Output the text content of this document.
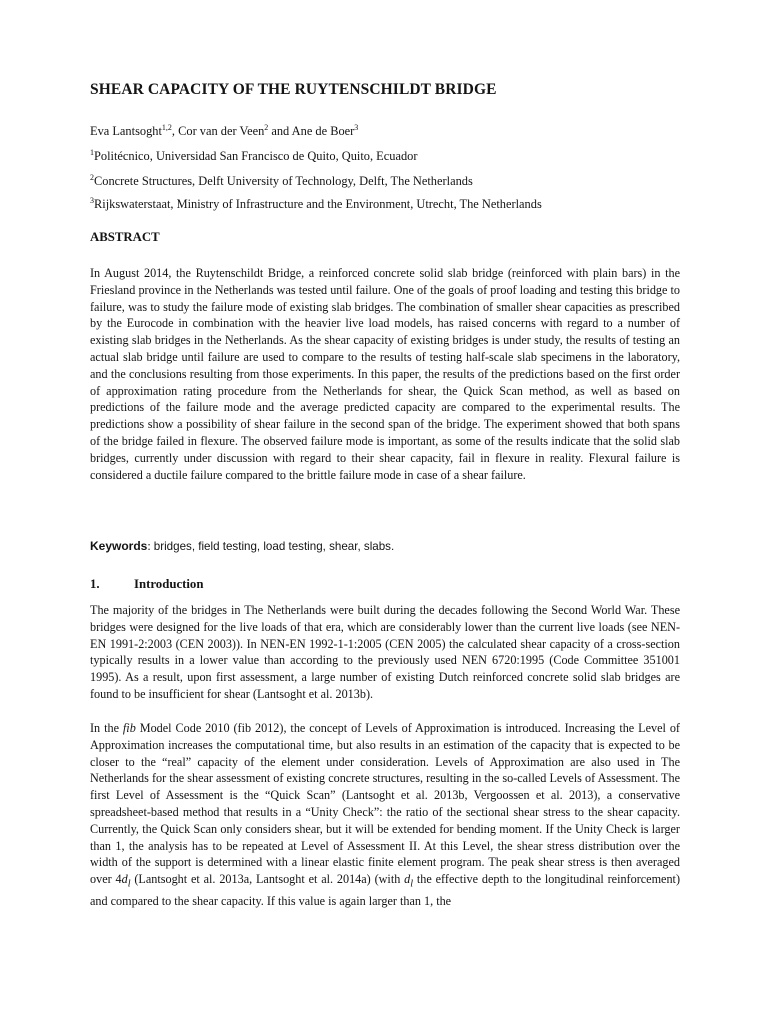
SHEAR CAPACITY OF THE RUYTENSCHILDT BRIDGE
Eva Lantsoght$^{1,2}$, Cor van der Veen$^2$ and Ane de Boer$^3$
$^1$Politécnico, Universidad San Francisco de Quito, Quito, Ecuador
$^2$Concrete Structures, Delft University of Technology, Delft, The Netherlands
$^3$Rijkswaterstaat, Ministry of Infrastructure and the Environment, Utrecht, The Netherlands
ABSTRACT
In August 2014, the Ruytenschildt Bridge, a reinforced concrete solid slab bridge (reinforced with plain bars) in the Friesland province in the Netherlands was tested until failure. One of the goals of proof loading and testing this bridge to failure, was to study the failure mode of existing slab bridges. The combination of smaller shear capacities as prescribed by the Eurocode in combination with the heavier live load models, has raised concerns with regard to a number of existing slab bridges in the Netherlands. As the shear capacity of existing bridges is under study, the results of testing an actual slab bridge until failure are used to compare to the results of testing half-scale slab specimens in the laboratory, and the conclusions resulting from those experiments. In this paper, the results of the predictions based on the first order of approximation rating procedure from the Netherlands for shear, the Quick Scan method, as well as based on predictions of the failure mode and the average predicted capacity are compared to the experimental results. The predictions show a possibility of shear failure in the second span of the bridge. The experiment showed that both spans of the bridge failed in flexure. The observed failure mode is important, as some of the results indicate that the solid slab bridges, currently under discussion with regard to their shear capacity, fail in flexure in reality. Flexural failure is considered a ductile failure compared to the brittle failure mode in case of a shear failure.
Keywords: bridges, field testing, load testing, shear, slabs.
1.	Introduction

The majority of the bridges in The Netherlands were built during the decades following the Second World War. These bridges were designed for the live loads of that era, which are considerably lower than the current live loads (see NEN-EN 1991-2:2003 (CEN 2003)). In NEN-EN 1992-1-1:2005 (CEN 2005) the calculated shear capacity of a cross-section typically results in a lower value than according to the previously used NEN 6720:1995 (Code Committee 351001 1995). As a result, upon first assessment, a large number of existing Dutch reinforced concrete solid slab bridges are found to be insufficient for shear (Lantsoght et al. 2013b).

In the fib Model Code 2010 (fib 2012), the concept of Levels of Approximation is introduced. Increasing the Level of Approximation increases the computational time, but also results in an estimation of the capacity that is expected to be closer to the “real” capacity of the element under consideration. Levels of Approximation are also used in The Netherlands for the shear assessment of existing concrete structures, resulting in the so-called Levels of Assessment. The first Level of Assessment is the “Quick Scan” (Lantsoght et al. 2013b, Vergoossen et al. 2013), a conservative spreadsheet-based method that results in a “Unity Check”: the ratio of the sectional shear stress to the shear capacity. Currently, the Quick Scan only considers shear, but it will be extended for bending moment. If the Unity Check is larger than 1, the analysis has to be repeated at Level of Assessment II. At this Level, the shear stress distribution over the width of the support is determined with a linear elastic finite element program. The peak shear stress is then averaged over $4d_l$ (Lantsoght et al. 2013a, Lantsoght et al. 2014a) (with $d_l$ the effective depth to the longitudinal reinforcement) and compared to the shear capacity. If this value is again larger than 1, the
